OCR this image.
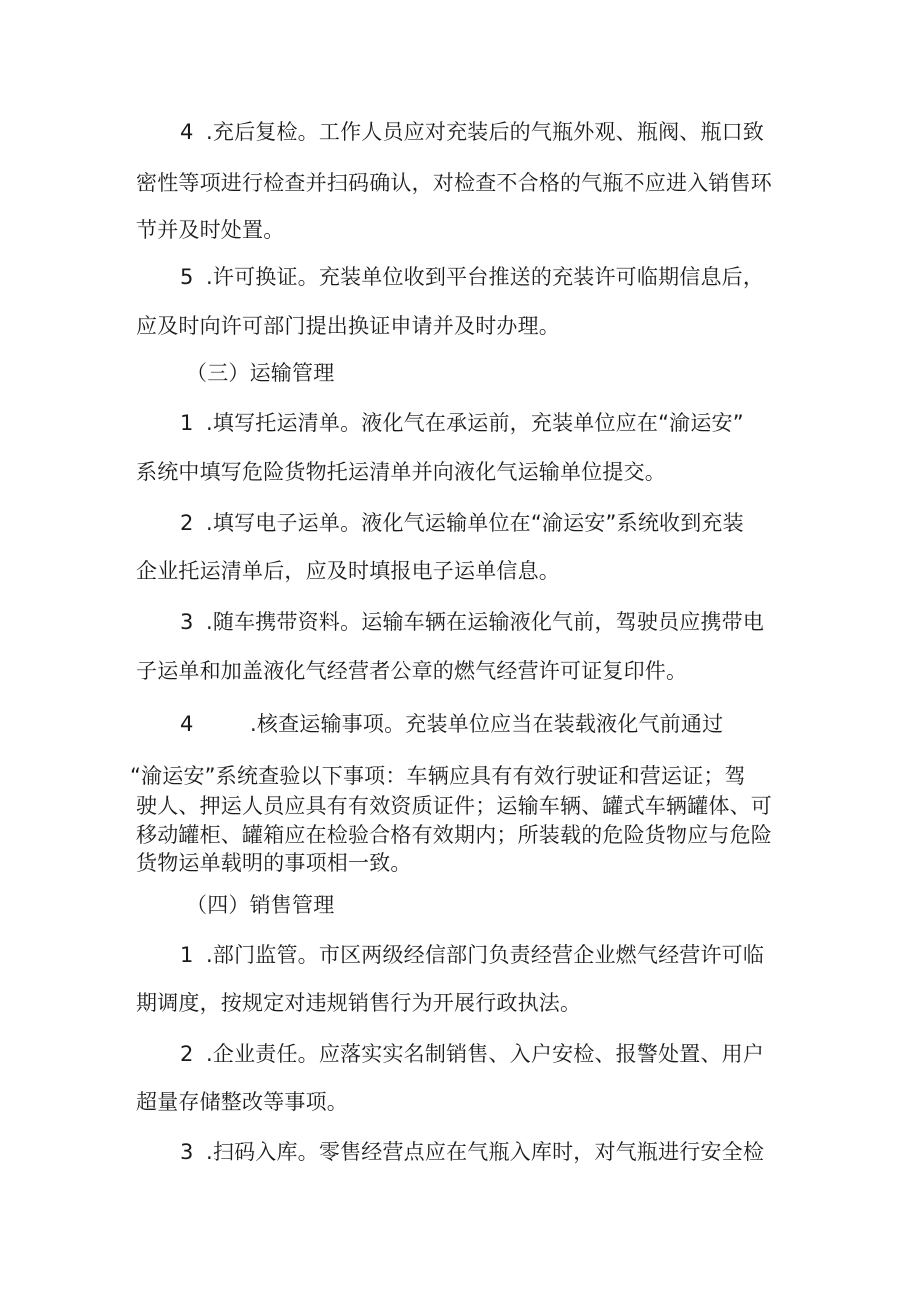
4 .充后复检。工作人员应对充装后的气瓶外观、瓶阀、瓶口致
密性等项进行检查并扫码确认，对检查不合格的气瓶不应进入销售环
节并及时处置。
5 .许可换证。充装单位收到平台推送的充装许可临期信息后，
应及时向许可部门提出换证申请并及时办理。
（三）运输管理
1 .填写托运清单。液化气在承运前，充装单位应在“渝运安”
系统中填写危险货物托运清单并向液化气运输单位提交。
2 .填写电子运单。液化气运输单位在“渝运安”系统收到充装
企业托运清单后，应及时填报电子运单信息。
3 .随车携带资料。运输车辆在运输液化气前，驾驶员应携带电
子运单和加盖液化气经营者公章的燃气经营许可证复印件。
4	.核查运输事项。充装单位应当在装载液化气前通过
“渝运安”系统查验以下事项：车辆应具有有效行驶证和营运证；驾
驶人、押运人员应具有有效资质证件；运输车辆、罐式车辆罐体、可
移动罐柜、罐箱应在检验合格有效期内；所装载的危险货物应与危险
货物运单载明的事项相一致。
（四）销售管理
1 .部门监管。市区两级经信部门负责经营企业燃气经营许可临
期调度，按规定对违规销售行为开展行政执法。
2 .企业责任。应落实实名制销售、入户安检、报警处置、用户
超量存储整改等事项。
3 .扫码入库。零售经营点应在气瓶入库时，对气瓶进行安全检
